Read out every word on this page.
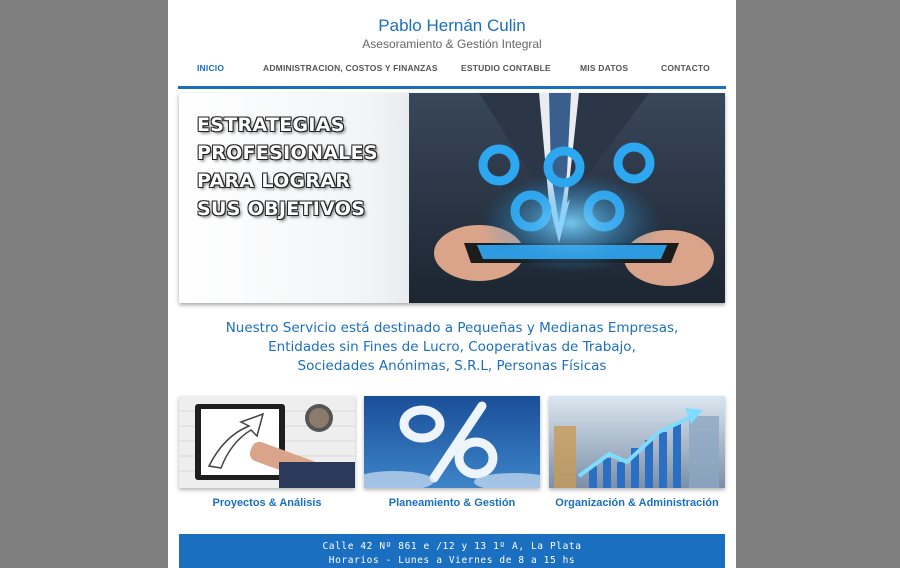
Pablo Hernán Culin
Asesoramiento & Gestión Integral
INICIO	ADMINISTRACION, COSTOS Y FINANZAS	ESTUDIO CONTABLE	MIS DATOS	CONTACTO
ESTRATEGIAS
PROFESIONALES
PARA LOGRAR
SUS OBJETIVOS
Nuestro Servicio está destinado a Pequeñas y Medianas Empresas,
Entidades sin Fines de Lucro, Cooperativas de Trabajo,
Sociedades Anónimas, S.R.L, Personas Físicas
Proyectos & Análisis	Planeamiento & Gestión	Organización & Administración
Calle 42 Nº 861 e /12 y 13 1º A, La Plata
Horarios - Lunes a Viernes de 8 a 15 hs
